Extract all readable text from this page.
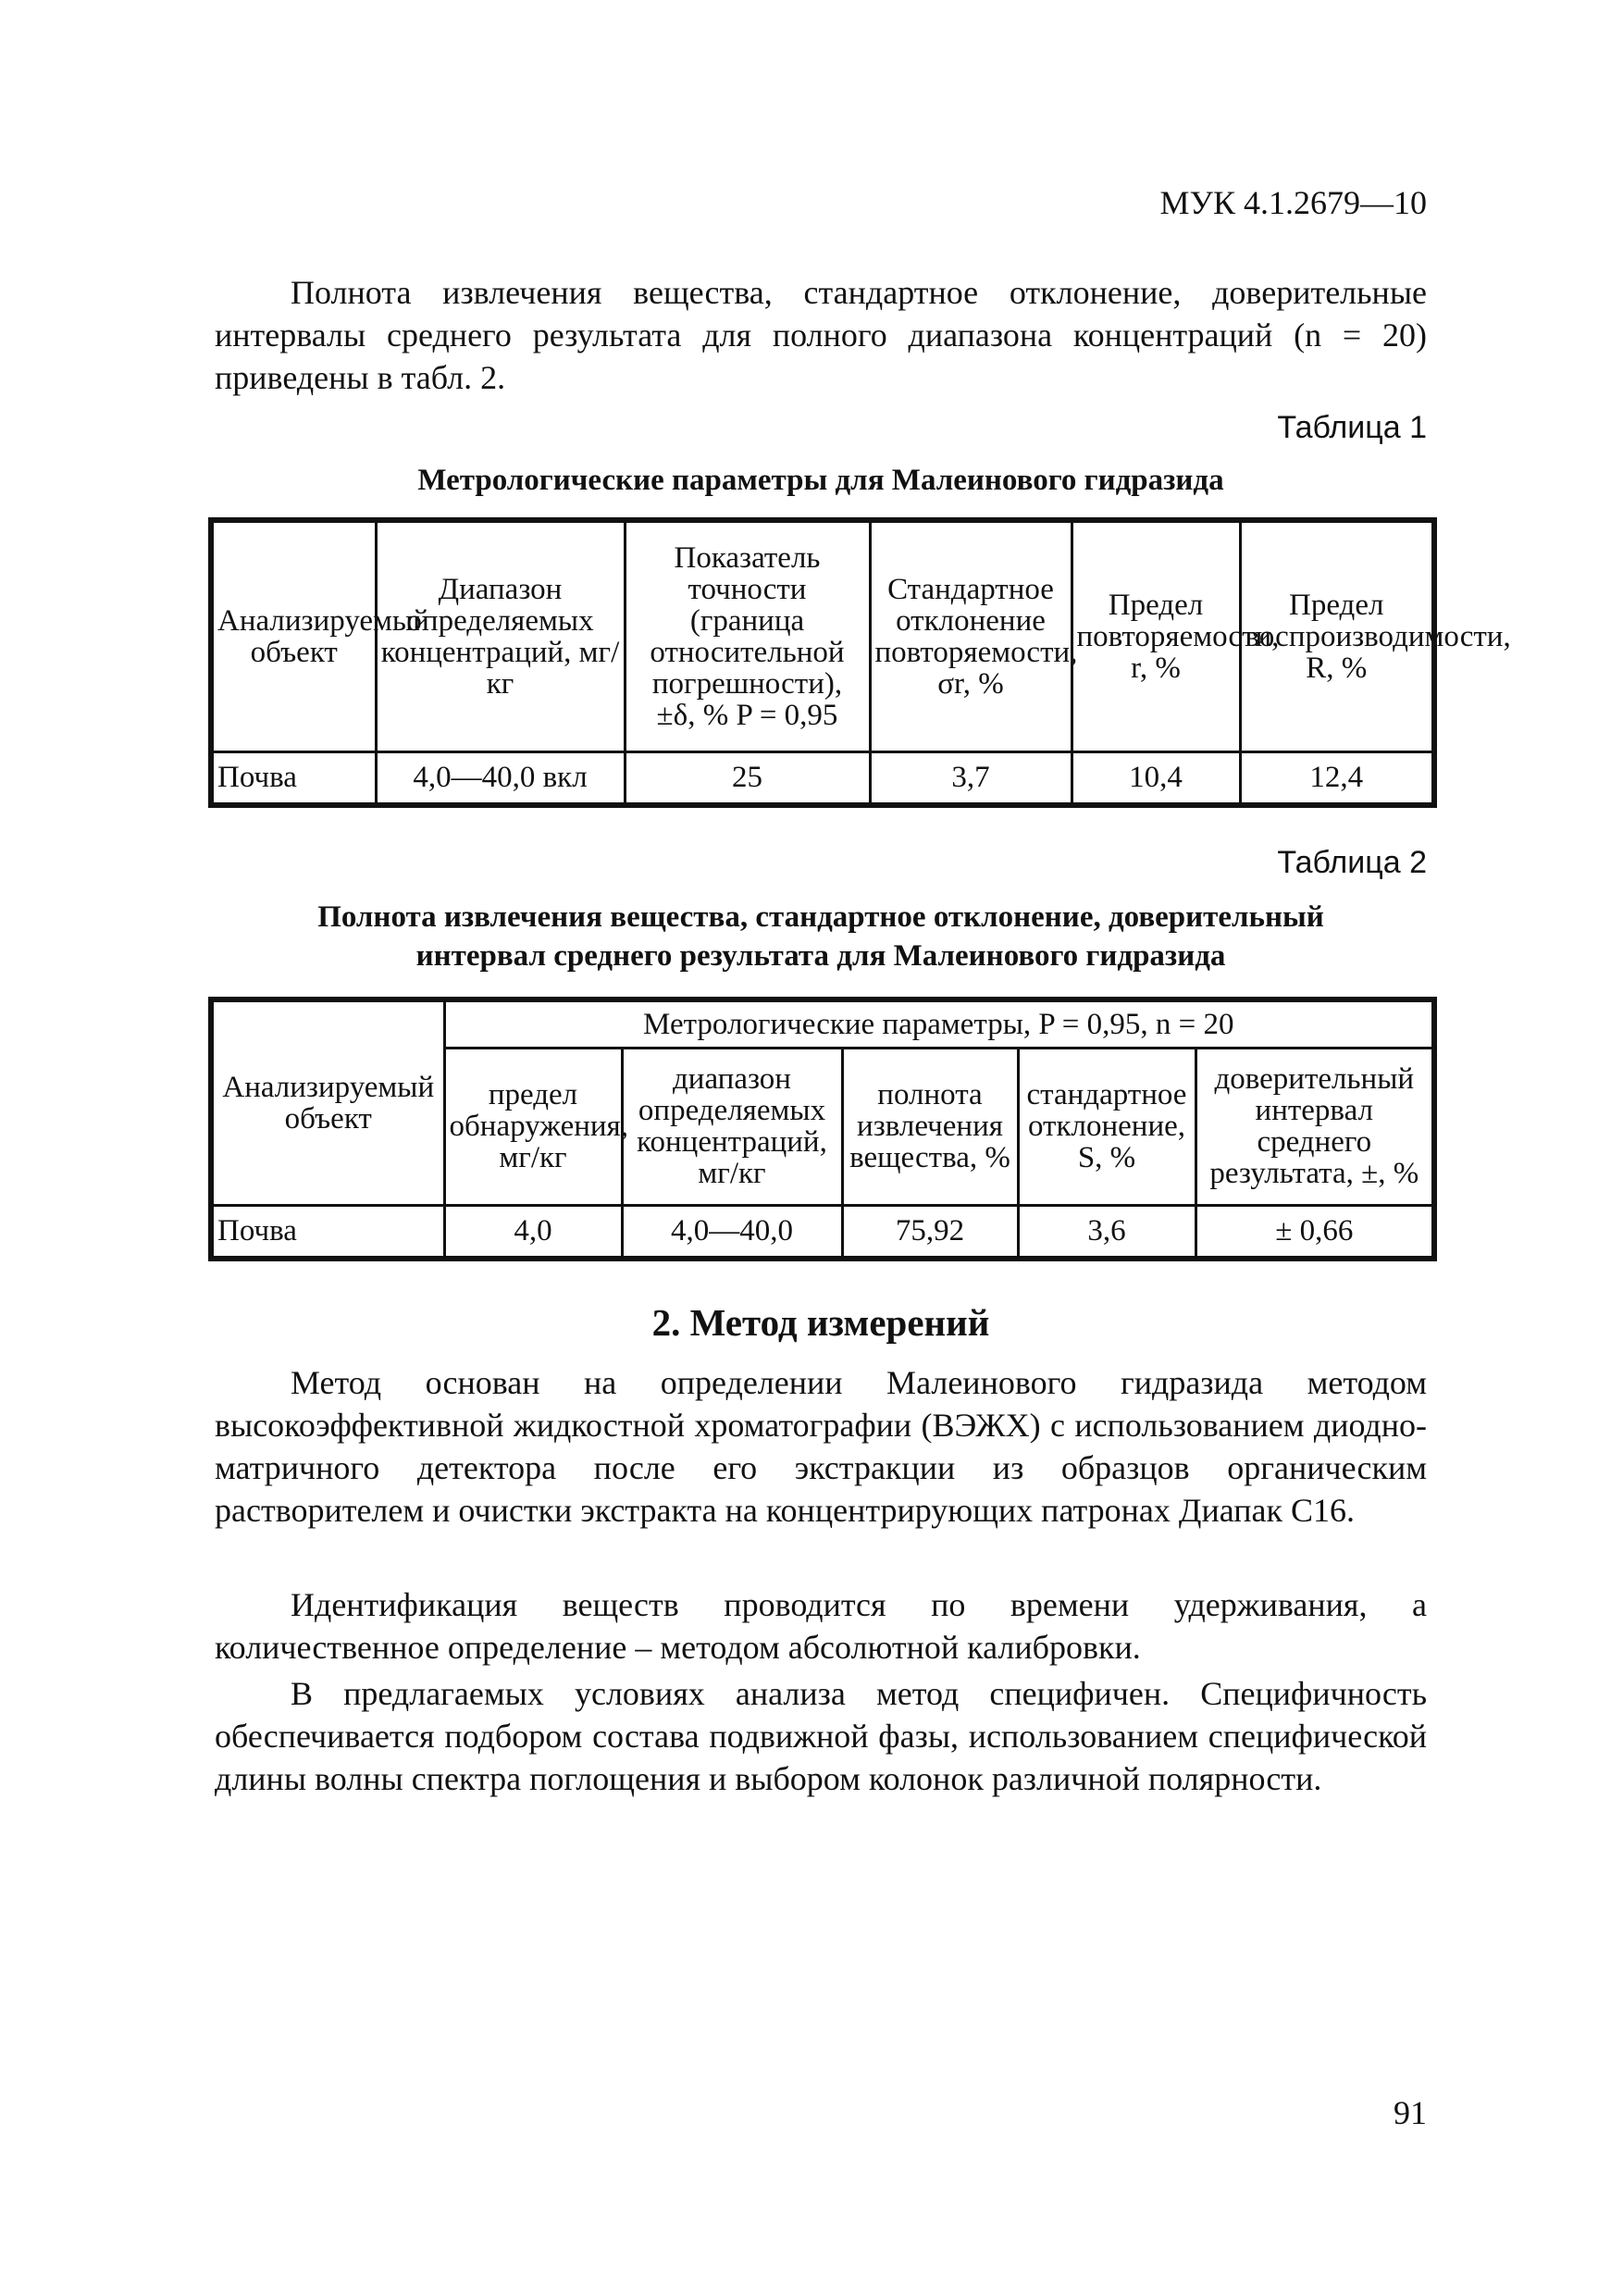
МУК 4.1.2679—10
Полнота извлечения вещества, стандартное отклонение, доверительные интервалы среднего результата для полного диапазона концентраций (n = 20) приведены в табл. 2.
Таблица 1
Метрологические параметры для Малеинового гидразида
Анализируемый объект	Диапазон определяемых концентраций, мг/кг	Показатель точности (граница относительной погрешности), ±δ, % P = 0,95	Стандартное отклонение повторяемости, σr, %	Предел повторяемости, r, %	Предел воспроизводимости, R, %
Почва	4,0—40,0 вкл	25	3,7	10,4	12,4
Таблица 2
Полнота извлечения вещества, стандартное отклонение, доверительный
интервал среднего результата для Малеинового гидразида
Анализируемый объект	Метрологические параметры, P = 0,95, n = 20				
	предел обнаружения, мг/кг	диапазон определяемых концентраций, мг/кг	полнота извлечения вещества, %	стандартное отклонение, S, %	доверительный интервал среднего результата, ±, %
Почва	4,0	4,0—40,0	75,92	3,6	± 0,66
2. Метод измерений
Метод основан на определении Малеинового гидразида методом высокоэффективной жидкостной хроматографии (ВЭЖХ) с использованием диодно-матричного детектора после его экстракции из образцов органическим растворителем и очистки экстракта на концентрирующих патронах Диапак С16.
Идентификация веществ проводится по времени удерживания, а количественное определение – методом абсолютной калибровки.
В предлагаемых условиях анализа метод специфичен. Специфичность обеспечивается подбором состава подвижной фазы, использованием специфической длины волны спектра поглощения и выбором колонок различной полярности.
91
